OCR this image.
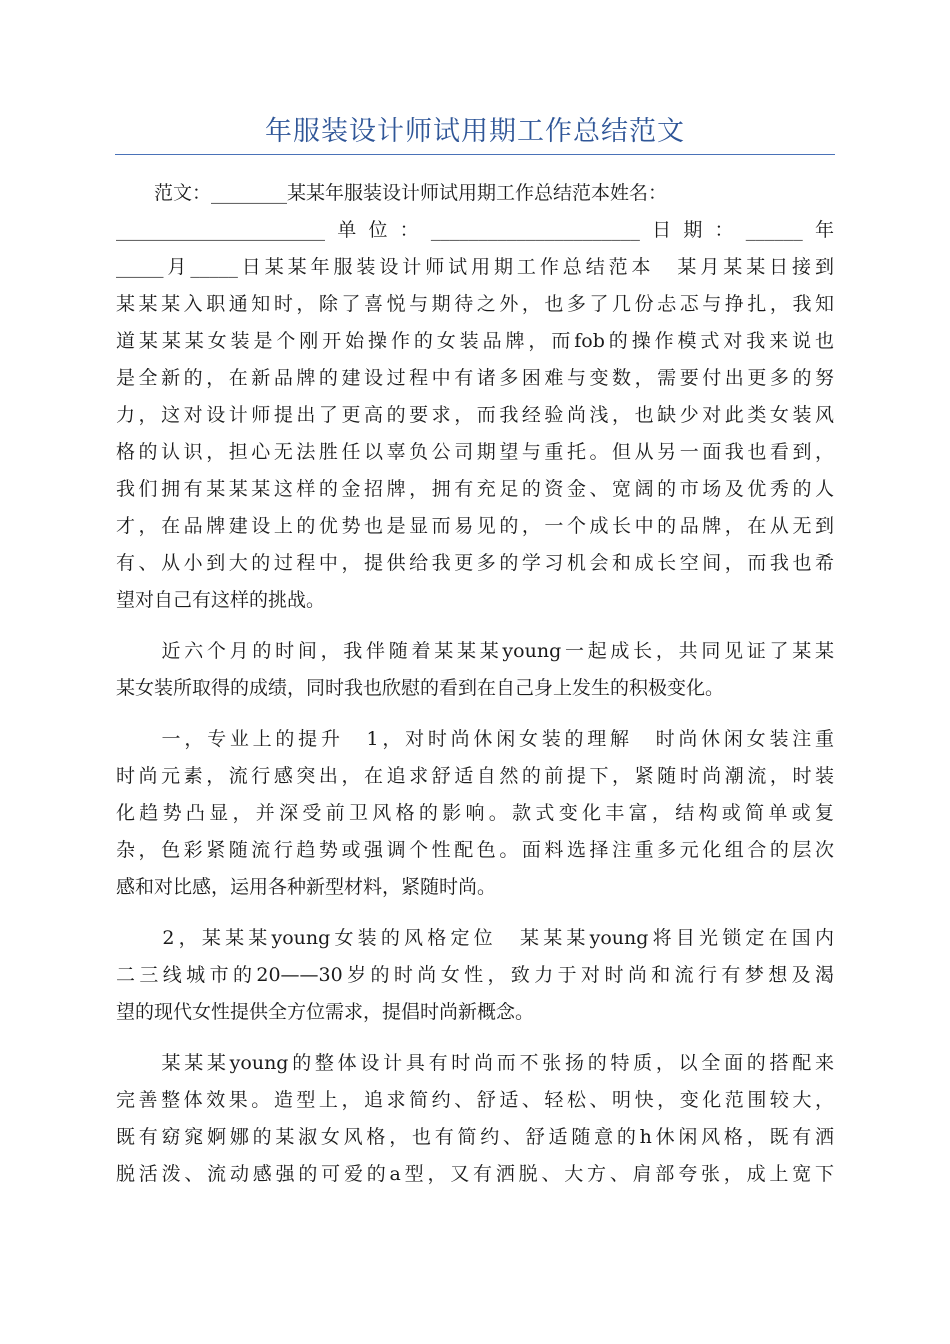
年服装设计师试用期工作总结范文
　　范文：________某某年服装设计师试用期工作总结范本姓名：
______________________单位：______________________日期：______年
_____月_____日某某年服装设计师试用期工作总结范本　某月某某日接到
某某某入职通知时，除了喜悦与期待之外，也多了几份忐忑与挣扎，我知
道某某某女装是个刚开始操作的女装品牌，而fob的操作模式对我来说也
是全新的，在新品牌的建设过程中有诸多困难与变数，需要付出更多的努
力，这对设计师提出了更高的要求，而我经验尚浅，也缺少对此类女装风
格的认识，担心无法胜任以辜负公司期望与重托。但从另一面我也看到，
我们拥有某某某这样的金招牌，拥有充足的资金、宽阔的市场及优秀的人
才，在品牌建设上的优势也是显而易见的，一个成长中的品牌，在从无到
有、从小到大的过程中，提供给我更多的学习机会和成长空间，而我也希
望对自己有这样的挑战。
　　近六个月的时间，我伴随着某某某young一起成长，共同见证了某某
某女装所取得的成绩，同时我也欣慰的看到在自己身上发生的积极变化。
　　一，专业上的提升　1，对时尚休闲女装的理解　时尚休闲女装注重
时尚元素，流行感突出，在追求舒适自然的前提下，紧随时尚潮流，时装
化趋势凸显，并深受前卫风格的影响。款式变化丰富，结构或简单或复
杂，色彩紧随流行趋势或强调个性配色。面料选择注重多元化组合的层次
感和对比感，运用各种新型材料，紧随时尚。
　　2，某某某young女装的风格定位　某某某young将目光锁定在国内
二三线城市的20——30岁的时尚女性，致力于对时尚和流行有梦想及渴
望的现代女性提供全方位需求，提倡时尚新概念。
　　某某某young的整体设计具有时尚而不张扬的特质，以全面的搭配来
完善整体效果。造型上，追求简约、舒适、轻松、明快，变化范围较大，
既有窈窕婀娜的某淑女风格，也有简约、舒适随意的h休闲风格，既有洒
脱活泼、流动感强的可爱的a型，又有洒脱、大方、肩部夸张，成上宽下
